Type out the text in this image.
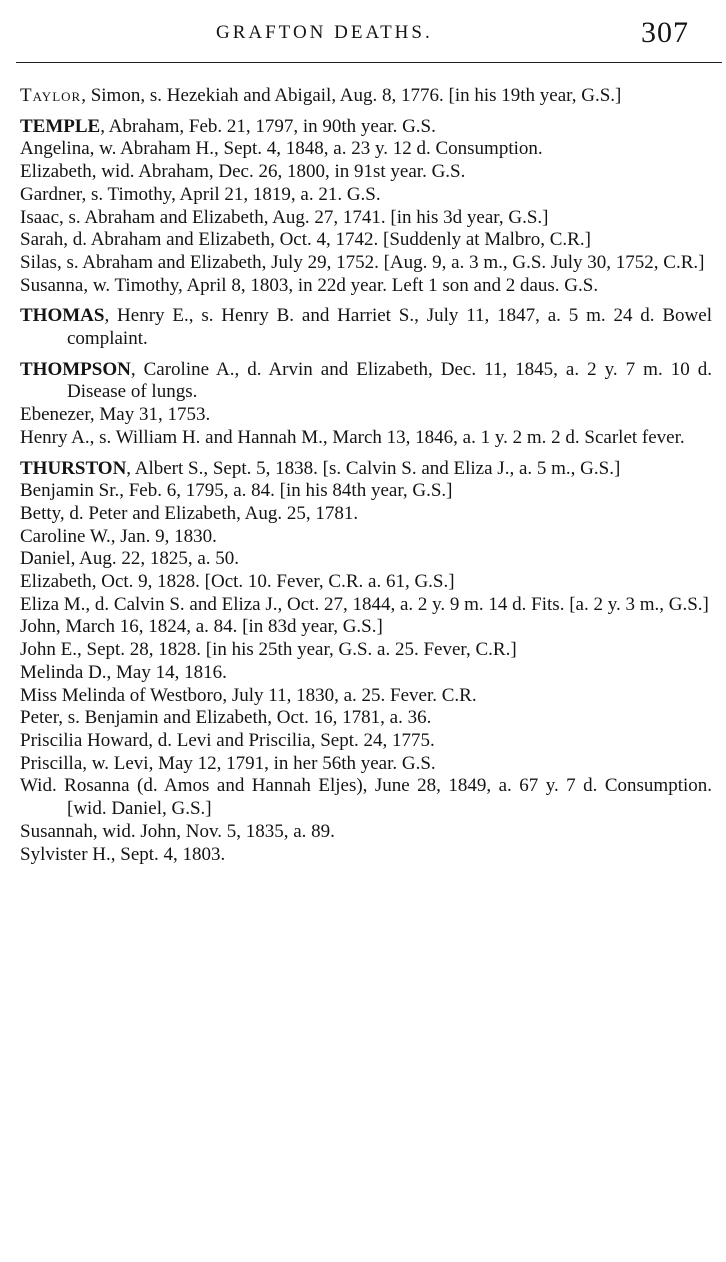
GRAFTON DEATHS.	307
Taylor, Simon, s. Hezekiah and Abigail, Aug. 8, 1776. [in his 19th year, G.S.]
TEMPLE, Abraham, Feb. 21, 1797, in 90th year. G.S.
Angelina, w. Abraham H., Sept. 4, 1848, a. 23 y. 12 d. Consumption.
Elizabeth, wid. Abraham, Dec. 26, 1800, in 91st year. G.S.
Gardner, s. Timothy, April 21, 1819, a. 21. G.S.
Isaac, s. Abraham and Elizabeth, Aug. 27, 1741. [in his 3d year, G.S.]
Sarah, d. Abraham and Elizabeth, Oct. 4, 1742. [Suddenly at Malbro, C.R.]
Silas, s. Abraham and Elizabeth, July 29, 1752. [Aug. 9, a. 3 m., G.S. July 30, 1752, C.R.]
Susanna, w. Timothy, April 8, 1803, in 22d year. Left 1 son and 2 daus. G.S.
THOMAS, Henry E., s. Henry B. and Harriet S., July 11, 1847, a. 5 m. 24 d. Bowel complaint.
THOMPSON, Caroline A., d. Arvin and Elizabeth, Dec. 11, 1845, a. 2 y. 7 m. 10 d. Disease of lungs.
Ebenezer, May 31, 1753.
Henry A., s. William H. and Hannah M., March 13, 1846, a. 1 y. 2 m. 2 d. Scarlet fever.
THURSTON, Albert S., Sept. 5, 1838. [s. Calvin S. and Eliza J., a. 5 m., G.S.]
Benjamin Sr., Feb. 6, 1795, a. 84. [in his 84th year, G.S.]
Betty, d. Peter and Elizabeth, Aug. 25, 1781.
Caroline W., Jan. 9, 1830.
Daniel, Aug. 22, 1825, a. 50.
Elizabeth, Oct. 9, 1828. [Oct. 10. Fever, C.R. a. 61, G.S.]
Eliza M., d. Calvin S. and Eliza J., Oct. 27, 1844, a. 2 y. 9 m. 14 d. Fits. [a. 2 y. 3 m., G.S.]
John, March 16, 1824, a. 84. [in 83d year, G.S.]
John E., Sept. 28, 1828. [in his 25th year, G.S. a. 25. Fever, C.R.]
Melinda D., May 14, 1816.
Miss Melinda of Westboro, July 11, 1830, a. 25. Fever. C.R.
Peter, s. Benjamin and Elizabeth, Oct. 16, 1781, a. 36.
Priscilia Howard, d. Levi and Priscilia, Sept. 24, 1775.
Priscilla, w. Levi, May 12, 1791, in her 56th year. G.S.
Wid. Rosanna (d. Amos and Hannah Eljes), June 28, 1849, a. 67 y. 7 d. Consumption. [wid. Daniel, G.S.]
Susannah, wid. John, Nov. 5, 1835, a. 89.
Sylvister H., Sept. 4, 1803.
